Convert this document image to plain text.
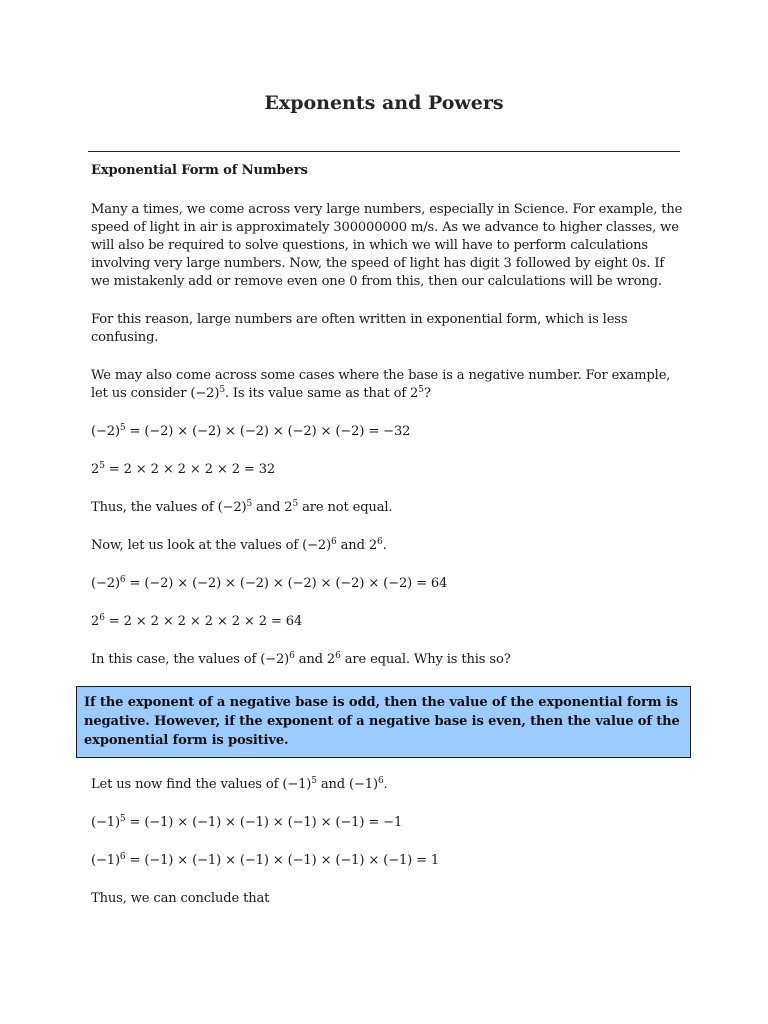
Exponents and Powers
Exponential Form of Numbers

Many a times, we come across very large numbers, especially in Science. For example, the speed of light in air is approximately 300000000 m/s. As we advance to higher classes, we will also be required to solve questions, in which we will have to perform calculations involving very large numbers. Now, the speed of light has digit 3 followed by eight 0s. If we mistakenly add or remove even one 0 from this, then our calculations will be wrong.

For this reason, large numbers are often written in exponential form, which is less confusing.

We may also come across some cases where the base is a negative number. For example, let us consider $(-2)^5$. Is its value same as that of $2^5$?

$(-2)^5 = (-2) \times (-2) \times (-2) \times (-2) \times (-2) = -32$

$2^5 = 2 \times 2 \times 2 \times 2 \times 2 = 32$

Thus, the values of $(-2)^5$ and $2^5$ are not equal.

Now, let us look at the values of $(-2)^6$ and $2^6$.

$(-2)^6 = (-2) \times (-2) \times (-2) \times (-2) \times (-2) \times (-2) = 64$

$2^6 = 2 \times 2 \times 2 \times 2 \times 2 \times 2 = 64$

In this case, the values of $(-2)^6$ and $2^6$ are equal. Why is this so?

If the exponent of a negative base is odd, then the value of the exponential form is negative. However, if the exponent of a negative base is even, then the value of the exponential form is positive.

Let us now find the values of $(-1)^5$ and $(-1)^6$.

$(-1)^5 = (-1) \times (-1) \times (-1) \times (-1) \times (-1) = -1$

$(-1)^6 = (-1) \times (-1) \times (-1) \times (-1) \times (-1) \times (-1) = 1$

Thus, we can conclude that
